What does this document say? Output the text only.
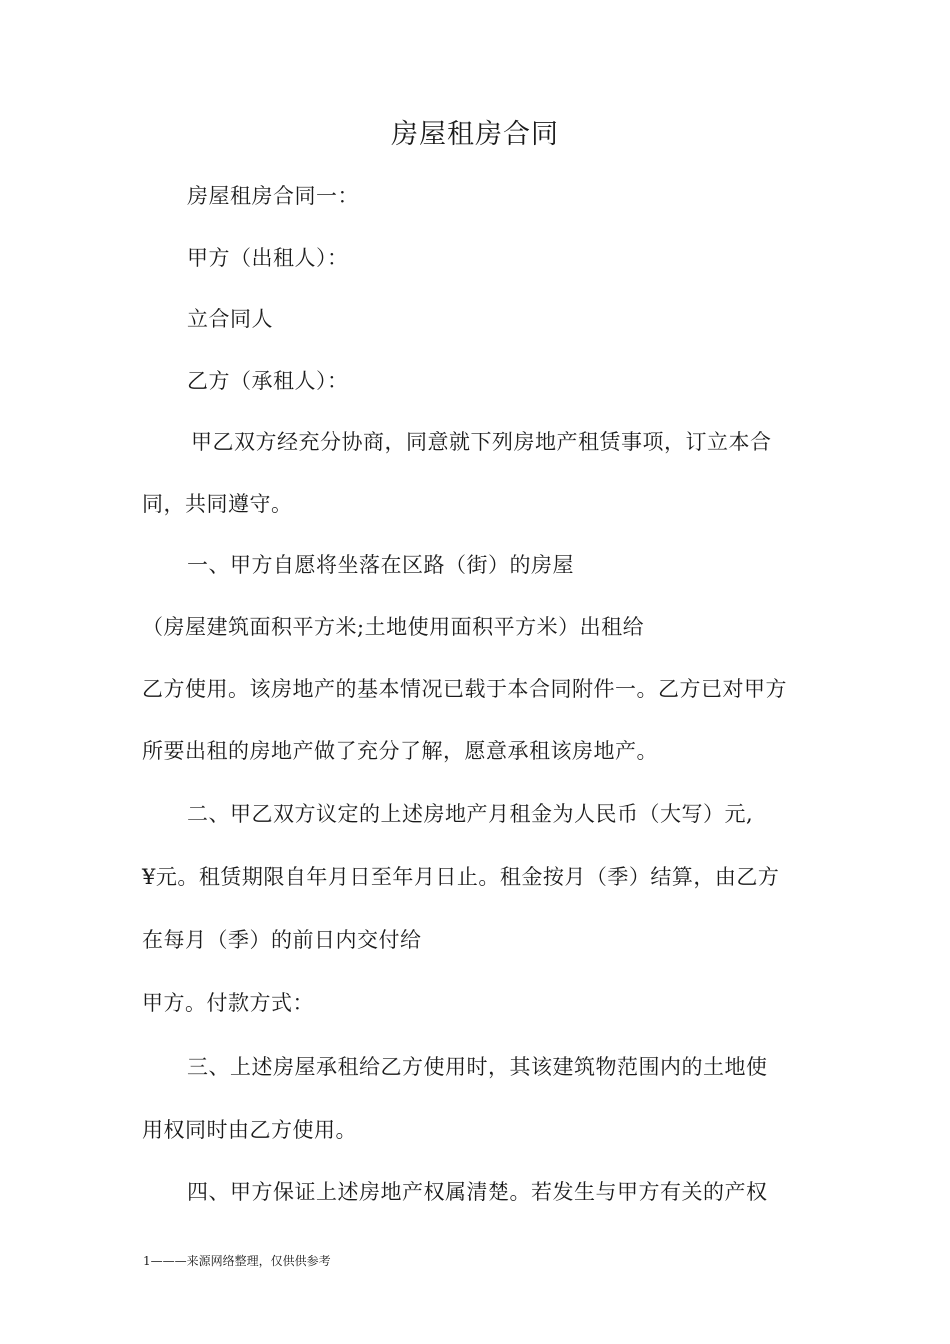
房屋租房合同
房屋租房合同一：
甲方（出租人）：
立合同人
乙方（承租人）：
甲乙双方经充分协商，同意就下列房地产租赁事项，订立本合
同，共同遵守。
一、甲方自愿将坐落在区路（街）的房屋
（房屋建筑面积平方米;土地使用面积平方米）出租给
乙方使用。该房地产的基本情况已载于本合同附件一。乙方已对甲方
所要出租的房地产做了充分了解，愿意承租该房地产。
二、甲乙双方议定的上述房地产月租金为人民币（大写）元,
¥元。租赁期限自年月日至年月日止。租金按月（季）结算，由乙方
在每月（季）的前日内交付给
甲方。付款方式：
三、上述房屋承租给乙方使用时，其该建筑物范围内的土地使
用权同时由乙方使用。
四、甲方保证上述房地产权属清楚。若发生与甲方有关的产权
1———来源网络整理，仅供供参考
